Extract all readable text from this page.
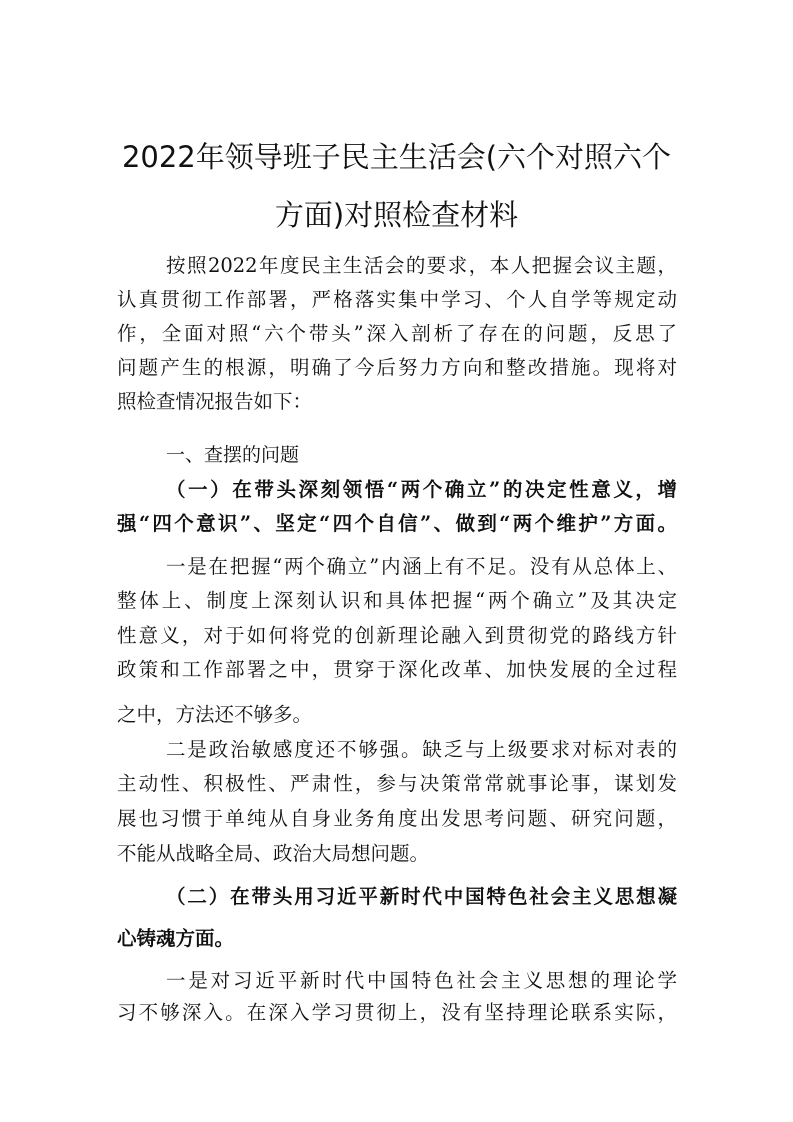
2022年领导班子民主生活会(六个对照六个
方面)对照检查材料
按照2022年度民主生活会的要求，本人把握会议主题，
认真贯彻工作部署，严格落实集中学习、个人自学等规定动
作，全面对照“六个带头”深入剖析了存在的问题，反思了
问题产生的根源，明确了今后努力方向和整改措施。现将对
照检查情况报告如下：
一、查摆的问题
（一）在带头深刻领悟“两个确立”的决定性意义，增
强“四个意识”、坚定“四个自信”、做到“两个维护”方面。
一是在把握“两个确立”内涵上有不足。没有从总体上、
整体上、制度上深刻认识和具体把握“两个确立”及其决定
性意义，对于如何将党的创新理论融入到贯彻党的路线方针
政策和工作部署之中，贯穿于深化改革、加快发展的全过程
之中，方法还不够多。
二是政治敏感度还不够强。缺乏与上级要求对标对表的
主动性、积极性、严肃性，参与决策常常就事论事，谋划发
展也习惯于单纯从自身业务角度出发思考问题、研究问题，
不能从战略全局、政治大局想问题。
（二）在带头用习近平新时代中国特色社会主义思想凝
心铸魂方面。
一是对习近平新时代中国特色社会主义思想的理论学
习不够深入。在深入学习贯彻上，没有坚持理论联系实际，
